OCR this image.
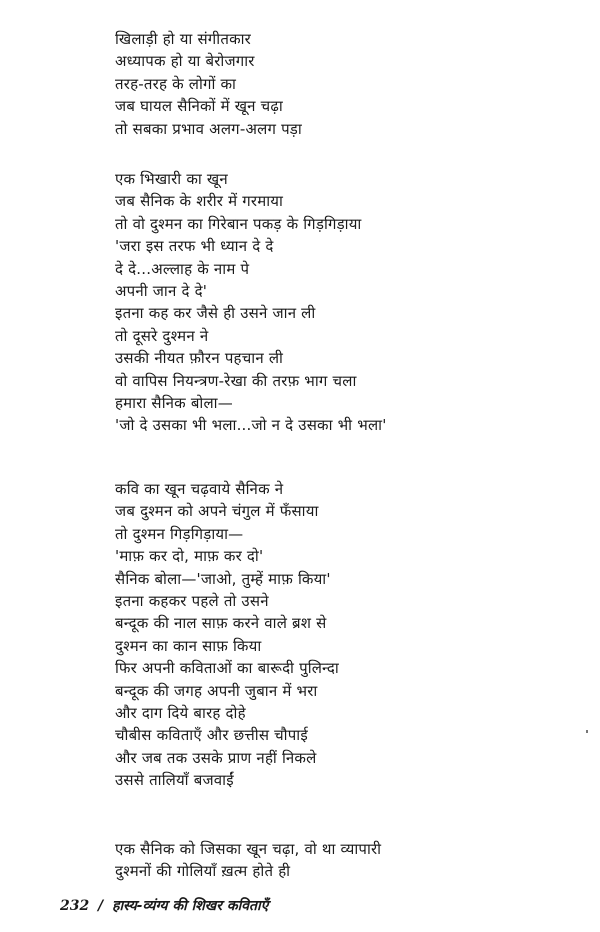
खिलाड़ी हो या संगीतकार
अध्यापक हो या बेरोजगार
तरह-तरह के लोगों का
जब घायल सैनिकों में खून चढ़ा
तो सबका प्रभाव अलग-अलग पड़ा
एक भिखारी का खून
जब सैनिक के शरीर में गरमाया
तो वो दुश्मन का गिरेबान पकड़ के गिड़गिड़ाया
'जरा इस तरफ भी ध्यान दे दे
दे दे...अल्लाह के नाम पे
अपनी जान दे दे'
इतना कह कर जैसे ही उसने जान ली
तो दूसरे दुश्मन ने
उसकी नीयत फ़ौरन पहचान ली
वो वापिस नियन्त्रण-रेखा की तरफ़ भाग चला
हमारा सैनिक बोला—
'जो दे उसका भी भला...जो न दे उसका भी भला'
कवि का खून चढ़वाये सैनिक ने
जब दुश्मन को अपने चंगुल में फँसाया
तो दुश्मन गिड़गिड़ाया—
'माफ़ कर दो, माफ़ कर दो'
सैनिक बोला—'जाओ, तुम्हें माफ़ किया'
इतना कहकर पहले तो उसने
बन्दूक की नाल साफ़ करने वाले ब्रश से
दुश्मन का कान साफ़ किया
फिर अपनी कविताओं का बारूदी पुलिन्दा
बन्दूक की जगह अपनी जुबान में भरा
और दाग दिये बारह दोहे
चौबीस कविताएँ और छत्तीस चौपाई
और जब तक उसके प्राण नहीं निकले
उससे तालियाँ बजवाईं
एक सैनिक को जिसका खून चढ़ा, वो था व्यापारी
दुश्मनों की गोलियाँ ख़त्म होते ही
232 / हास्य-व्यंग्य की शिखर कविताएँ
